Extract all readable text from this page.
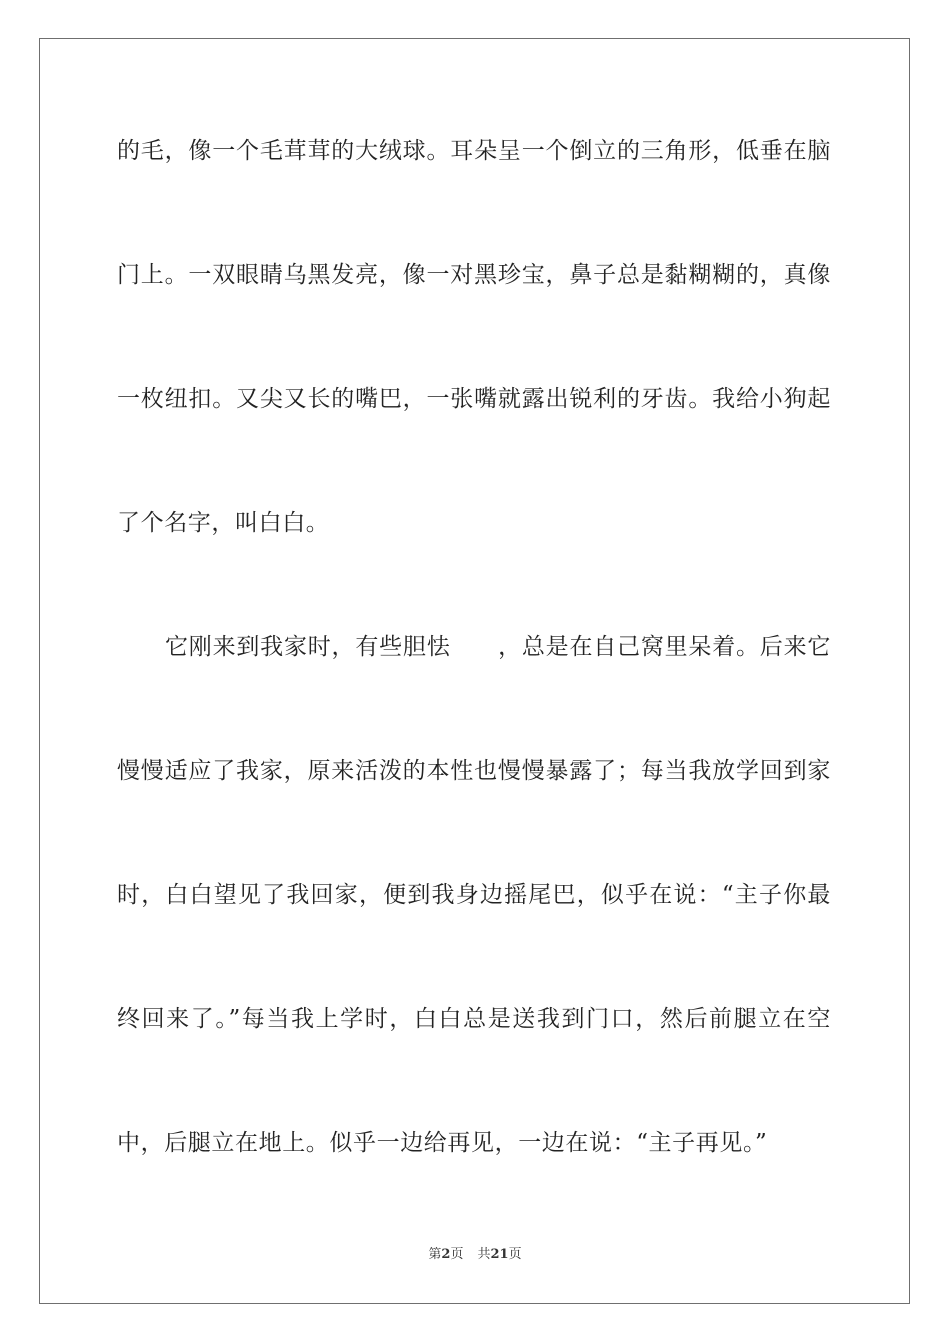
的毛，像一个毛茸茸的大绒球。耳朵呈一个倒立的三角形，低垂在脑
门上。一双眼睛乌黑发亮，像一对黑珍宝，鼻子总是黏糊糊的，真像
一枚纽扣。又尖又长的嘴巴，一张嘴就露出锐利的牙齿。我给小狗起
了个名字，叫白白。
它刚来到我家时，有些胆怯　　，总是在自己窝里呆着。后来它
慢慢适应了我家，原来活泼的本性也慢慢暴露了；每当我放学回到家
时，白白望见了我回家，便到我身边摇尾巴，似乎在说：“主子你最
终回来了。”每当我上学时，白白总是送我到门口，然后前腿立在空
中，后腿立在地上。似乎一边给再见，一边在说：“主子再见。”
第2页 共21页
